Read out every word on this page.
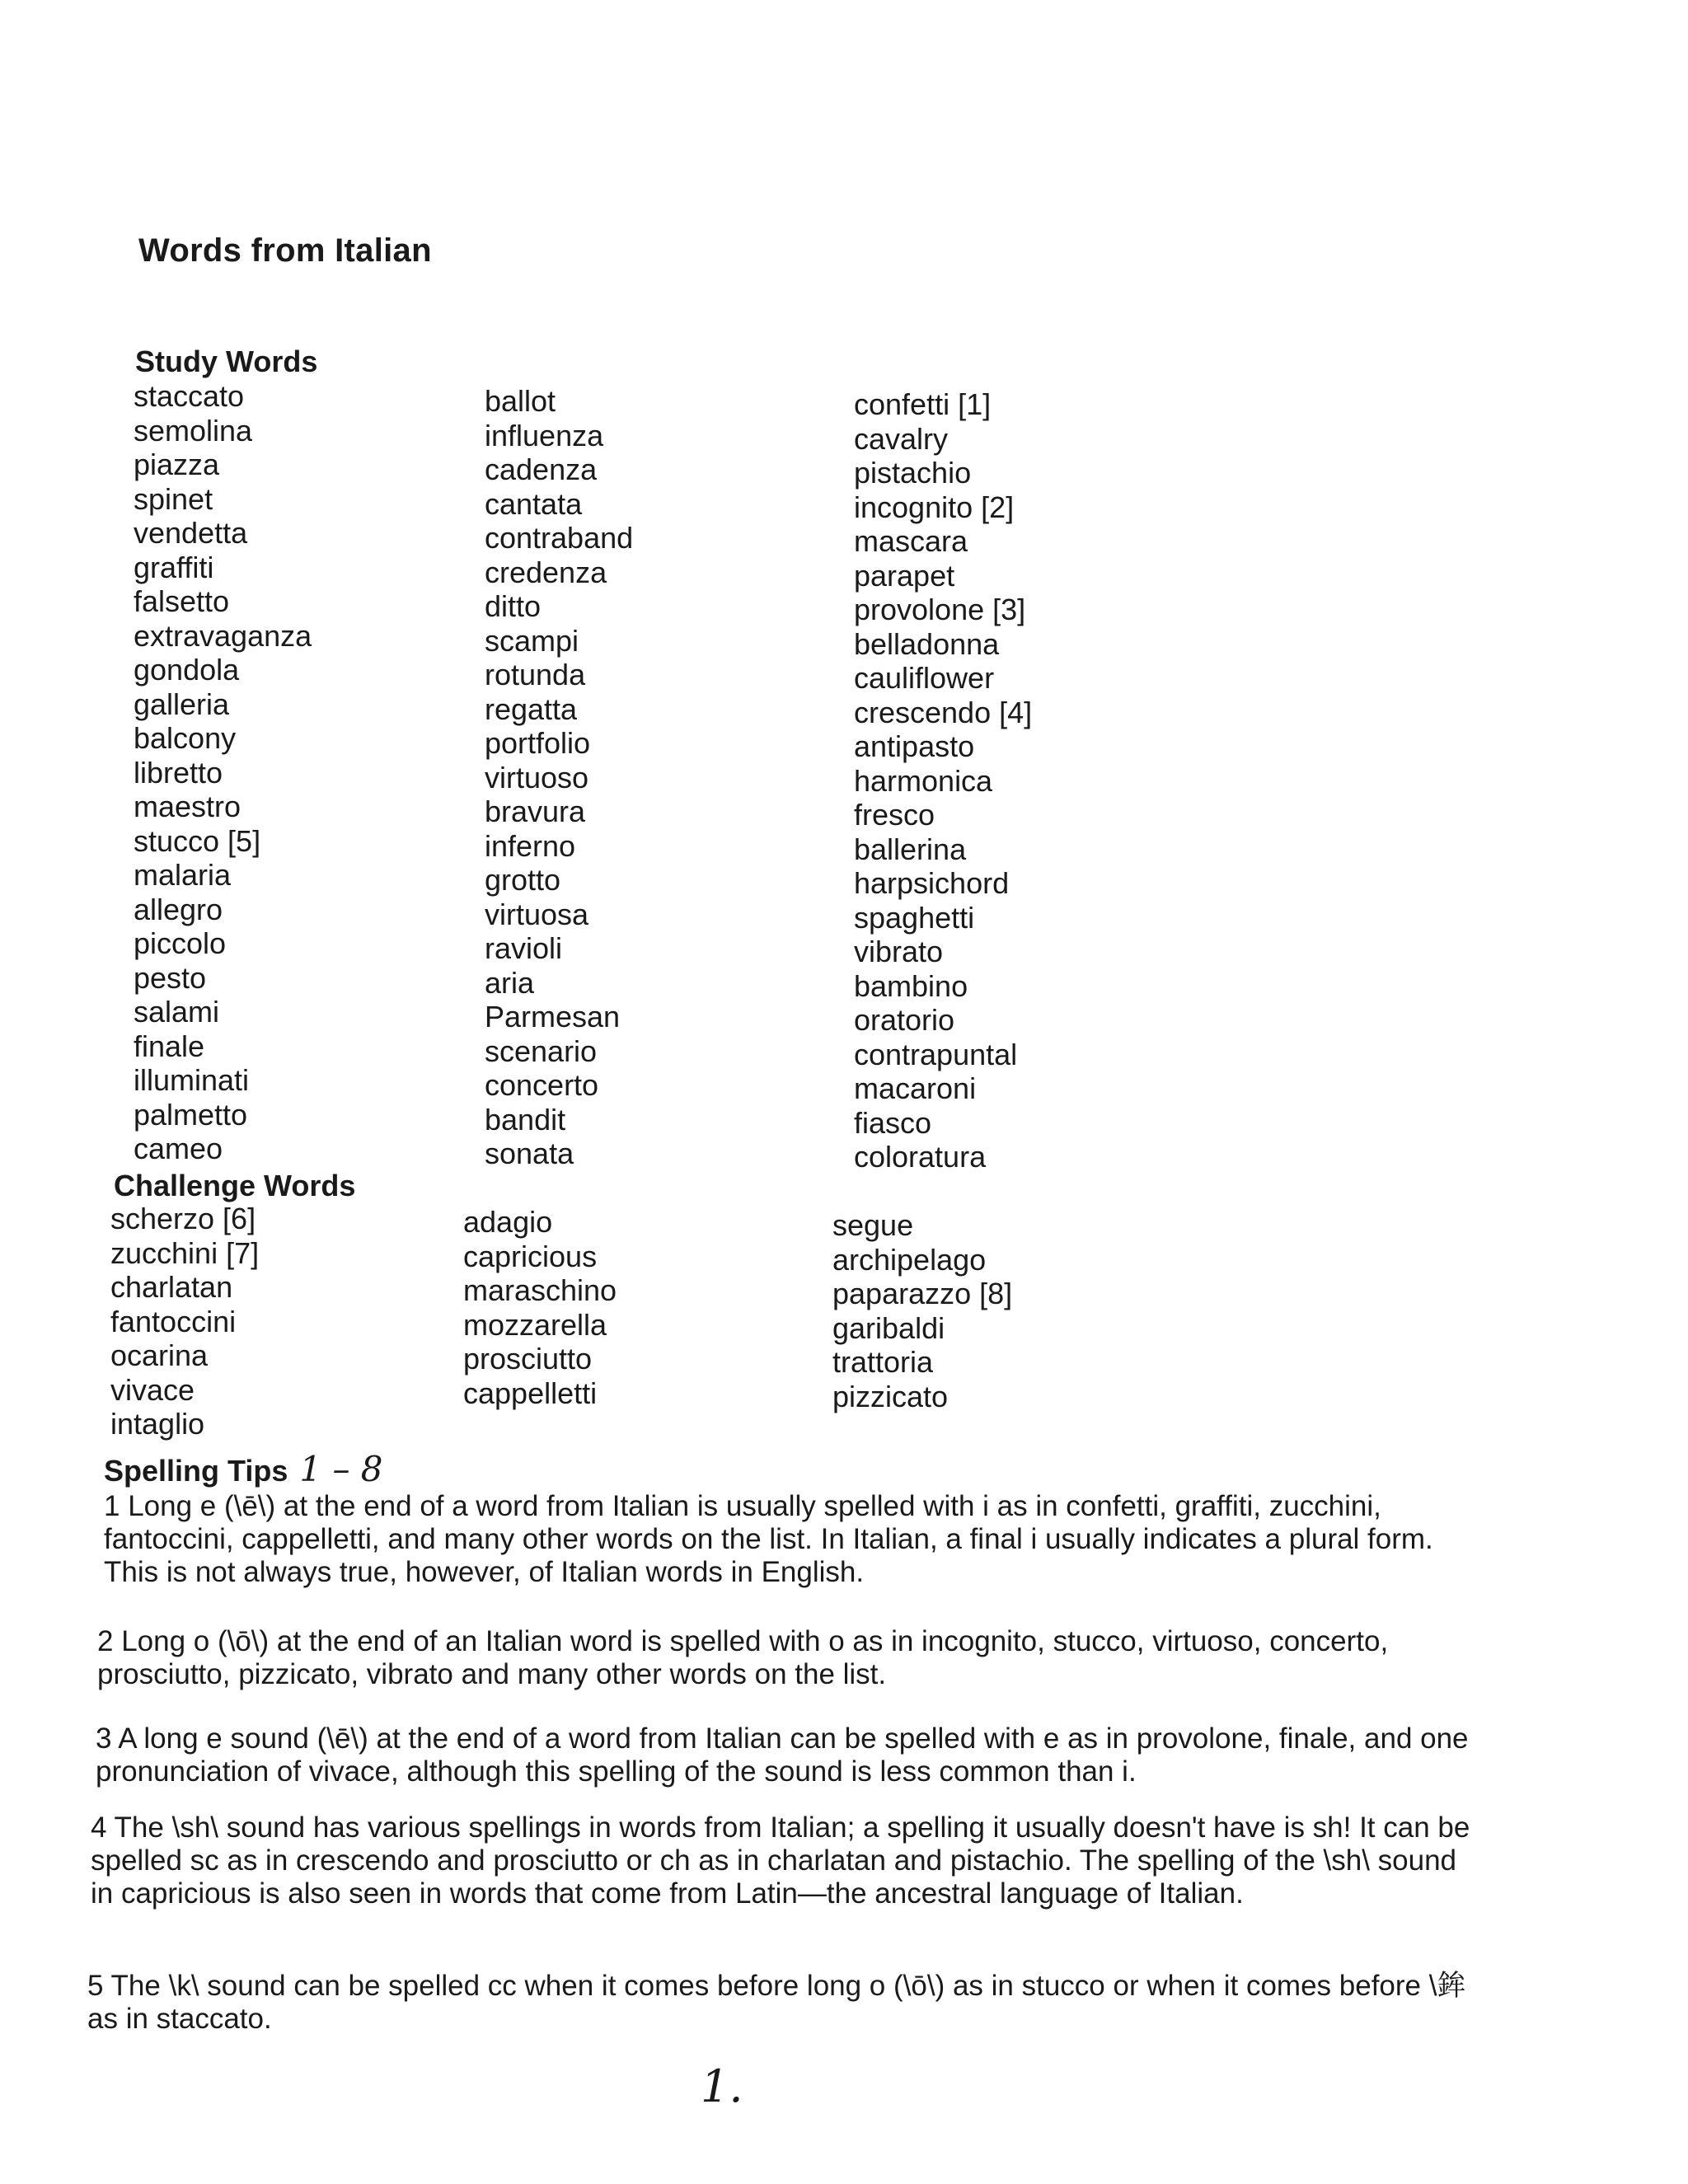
Words from Italian
Study Words
staccato
semolina
piazza
spinet
vendetta
graffiti
falsetto
extravaganza
gondola
galleria
balcony
libretto
maestro
stucco [5]
malaria
allegro
piccolo
pesto
salami
finale
illuminati
palmetto
cameo
ballot
influenza
cadenza
cantata
contraband
credenza
ditto
scampi
rotunda
regatta
portfolio
virtuoso
bravura
inferno
grotto
virtuosa
ravioli
aria
Parmesan
scenario
concerto
bandit
sonata
confetti [1]
cavalry
pistachio
incognito [2]
mascara
parapet
provolone [3]
belladonna
cauliflower
crescendo [4]
antipasto
harmonica
fresco
ballerina
harpsichord
spaghetti
vibrato
bambino
oratorio
contrapuntal
macaroni
fiasco
coloratura
Challenge Words
scherzo [6]
zucchini [7]
charlatan
fantoccini
ocarina
vivace
intaglio
adagio
capricious
maraschino
mozzarella
prosciutto
cappelletti
segue
archipelago
paparazzo [8]
garibaldi
trattoria
pizzicato
Spelling Tips 1 – 8
1 Long e (\ē\) at the end of a word from Italian is usually spelled with i as in confetti, graffiti, zucchini, fantoccini, cappelletti, and many other words on the list. In Italian, a final i usually indicates a plural form. This is not always true, however, of Italian words in English.
2 Long o (\ō\) at the end of an Italian word is spelled with o as in incognito, stucco, virtuoso, concerto, prosciutto, pizzicato, vibrato and many other words on the list.
3 A long e sound (\ē\) at the end of a word from Italian can be spelled with e as in provolone, finale, and one pronunciation of vivace, although this spelling of the sound is less common than i.
4 The \sh\ sound has various spellings in words from Italian; a spelling it usually doesn't have is sh! It can be spelled sc as in crescendo and prosciutto or ch as in charlatan and pistachio. The spelling of the \sh\ sound in capricious is also seen in words that come from Latin—the ancestral language of Italian.
5 The \k\ sound can be spelled cc when it comes before long o (\ō\) as in stucco or when it comes before \鉾 as in staccato.
1.
